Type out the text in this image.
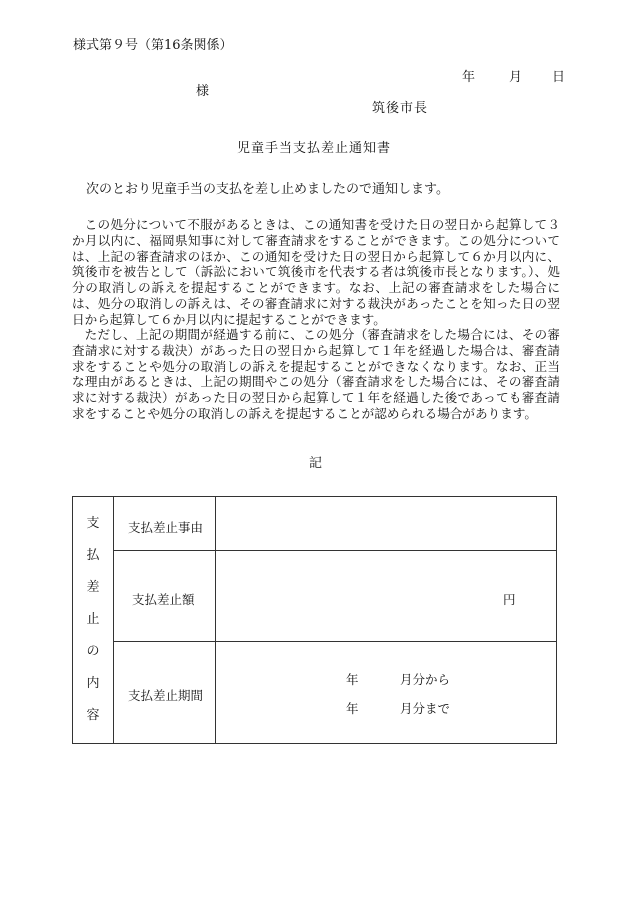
様式第９号（第16条関係）
年	月 日
様
筑後市長
児童手当支払差止通知書
次のとおり児童手当の支払を差し止めましたので通知します。

この処分について不服があるときは、この通知書を受けた日の翌日から起算して３か月以内に、福岡県知事に対して審査請求をすることができます。この処分については、上記の審査請求のほか、この通知を受けた日の翌日から起算して６か月以内に、筑後市を被告として（訴訟において筑後市を代表する者は筑後市長となります。）、処分の取消しの訴えを提起することができます。なお、上記の審査請求をした場合には、処分の取消しの訴えは、その審査請求に対する裁決があったことを知った日の翌日から起算して６か月以内に提起することができます。

ただし、上記の期間が経過する前に、この処分（審査請求をした場合には、その審査請求に対する裁決）があった日の翌日から起算して１年を経過した場合は、審査請求をすることや処分の取消しの訴えを提起することができなくなります。なお、正当な理由があるときは、上記の期間やこの処分（審査請求をした場合には、その審査請求に対する裁決）があった日の翌日から起算して１年を経過した後であっても審査請求をすることや処分の取消しの訴えを提起することが認められる場合があります。

記
支
払
差
止
の
内
容
支払差止事由
支払差止額	円
支払差止期間
年	月分から
年	月分まで
